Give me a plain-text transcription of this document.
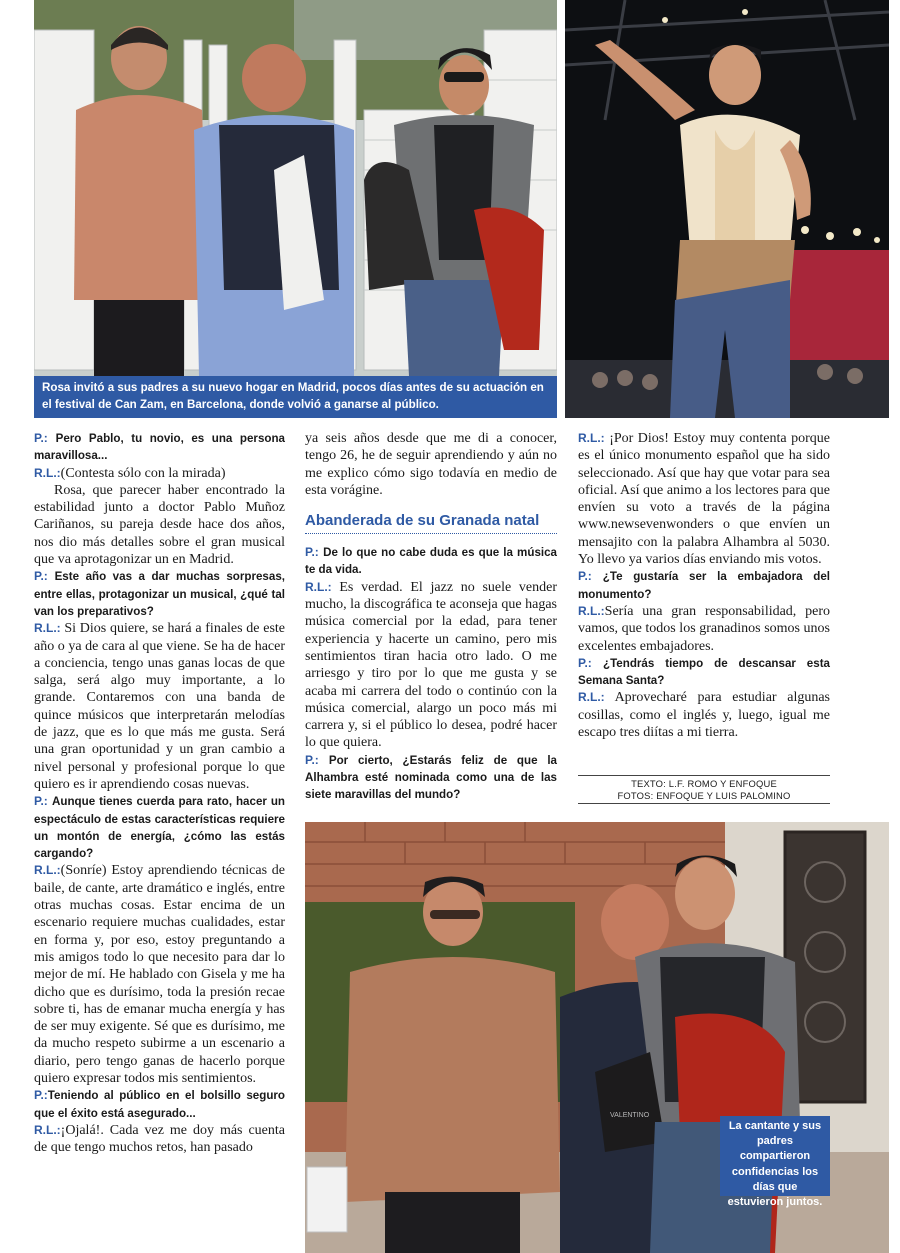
Rosa invitó a sus padres a su nuevo hogar en Madrid, pocos días antes de su actuación en el festival de Can Zam, en Barcelona, donde volvió a ganarse al público.

P.: Pero Pablo, tu novio, es una persona maravillosa...

R.L.:(Contesta sólo con la mirada)

Rosa, que parecer haber encontrado la estabilidad junto a doctor Pablo Muñoz Cariñanos, su pareja desde hace dos años, nos dio más detalles sobre el gran musical que va aprotagonizar un en Madrid.

P.: Este año vas a dar muchas sorpresas, entre ellas, protagonizar un musical, ¿qué tal van los preparativos?

R.L.: Si Dios quiere, se hará a finales de este año o ya de cara al que viene. Se ha de hacer a conciencia, tengo unas ganas locas de que salga, será algo muy importante, a lo grande. Contaremos con una banda de quince músicos que interpretarán melodías de jazz, que es lo que más me gusta. Será una gran oportunidad y un gran cambio a nivel personal y profesional porque lo que quiero es ir aprendiendo cosas nuevas.

P.: Aunque tienes cuerda para rato, hacer un espectáculo de estas características requiere un montón de energía, ¿cómo las estás cargando?

R.L.:(Sonríe) Estoy aprendiendo técnicas de baile, de cante, arte dramático e inglés, entre otras muchas cosas. Estar encima de un escenario requiere muchas cualidades, estar en forma y, por eso, estoy preguntando a mis amigos todo lo que necesito para dar lo mejor de mí. He hablado con Gisela y me ha dicho que es durísimo, toda la presión recae sobre ti, has de emanar mucha energía y has de ser muy exigente. Sé que es durísimo, me da mucho respeto subirme a un escenario a diario, pero tengo ganas de hacerlo porque quiero expresar todos mis sentimientos.

P.:Teniendo al público en el bolsillo seguro que el éxito está asegurado...

R.L.:¡Ojalá!. Cada vez me doy más cuenta de que tengo muchos retos, han pasado

ya seis años desde que me di a conocer, tengo 26, he de seguir aprendiendo y aún no me explico cómo sigo todavía en medio de esta vorágine.

Abanderada de su Granada natal

P.: De lo que no cabe duda es que la música te da vida.

R.L.: Es verdad. El jazz no suele vender mucho, la discográfica te aconseja que hagas música comercial por la edad, para tener experiencia y hacerte un camino, pero mis sentimientos tiran hacia otro lado. O me arriesgo y tiro por lo que me gusta y se acaba mi carrera del todo o continúo con la música comercial, alargo un poco más mi carrera y, si el público lo desea, podré hacer lo que quiera.

P.: Por cierto, ¿Estarás feliz de que la Alhambra esté nominada como una de las siete maravillas del mundo?

R.L.: ¡Por Dios! Estoy muy contenta porque es el único monumento español que ha sido seleccionado. Así que hay que votar para sea oficial. Así que animo a los lectores para que envíen su voto a través de la página www.newsevenwonders o que envíen un mensajito con la palabra Alhambra al 5030. Yo llevo ya varios días enviando mis votos.

P.: ¿Te gustaría ser la embajadora del monumento?

R.L.:Sería una gran responsabilidad, pero vamos, que todos los granadinos somos unos excelentes embajadores.

P.: ¿Tendrás tiempo de descansar esta Semana Santa?

R.L.: Aprovecharé para estudiar algunas cosillas, como el inglés y, luego, igual me escapo tres diítas a mi tierra.

TEXTO: L.F. ROMO Y ENFOQUE
FOTOS: ENFOQUE Y LUIS PALOMINO
VALENTINO
La cantante y sus padres compartieron confidencias los días que estuvieron juntos.
